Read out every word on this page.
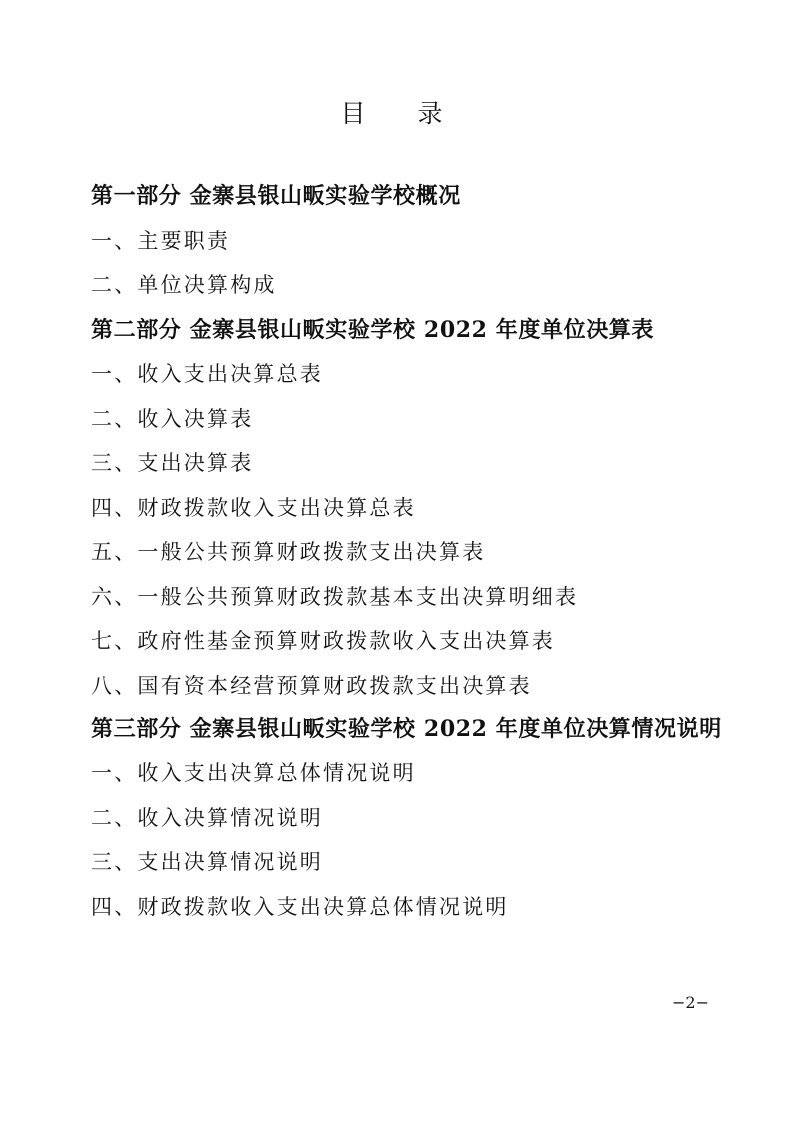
目 录
第一部分 金寨县银山畈实验学校概况
一、主要职责
二、单位决算构成
第二部分 金寨县银山畈实验学校 2022 年度单位决算表
一、收入支出决算总表
二、收入决算表
三、支出决算表
四、财政拨款收入支出决算总表
五、一般公共预算财政拨款支出决算表
六、一般公共预算财政拨款基本支出决算明细表
七、政府性基金预算财政拨款收入支出决算表
八、国有资本经营预算财政拨款支出决算表
第三部分 金寨县银山畈实验学校 2022 年度单位决算情况说明
一、收入支出决算总体情况说明
二、收入决算情况说明
三、支出决算情况说明
四、财政拨款收入支出决算总体情况说明
−2−
